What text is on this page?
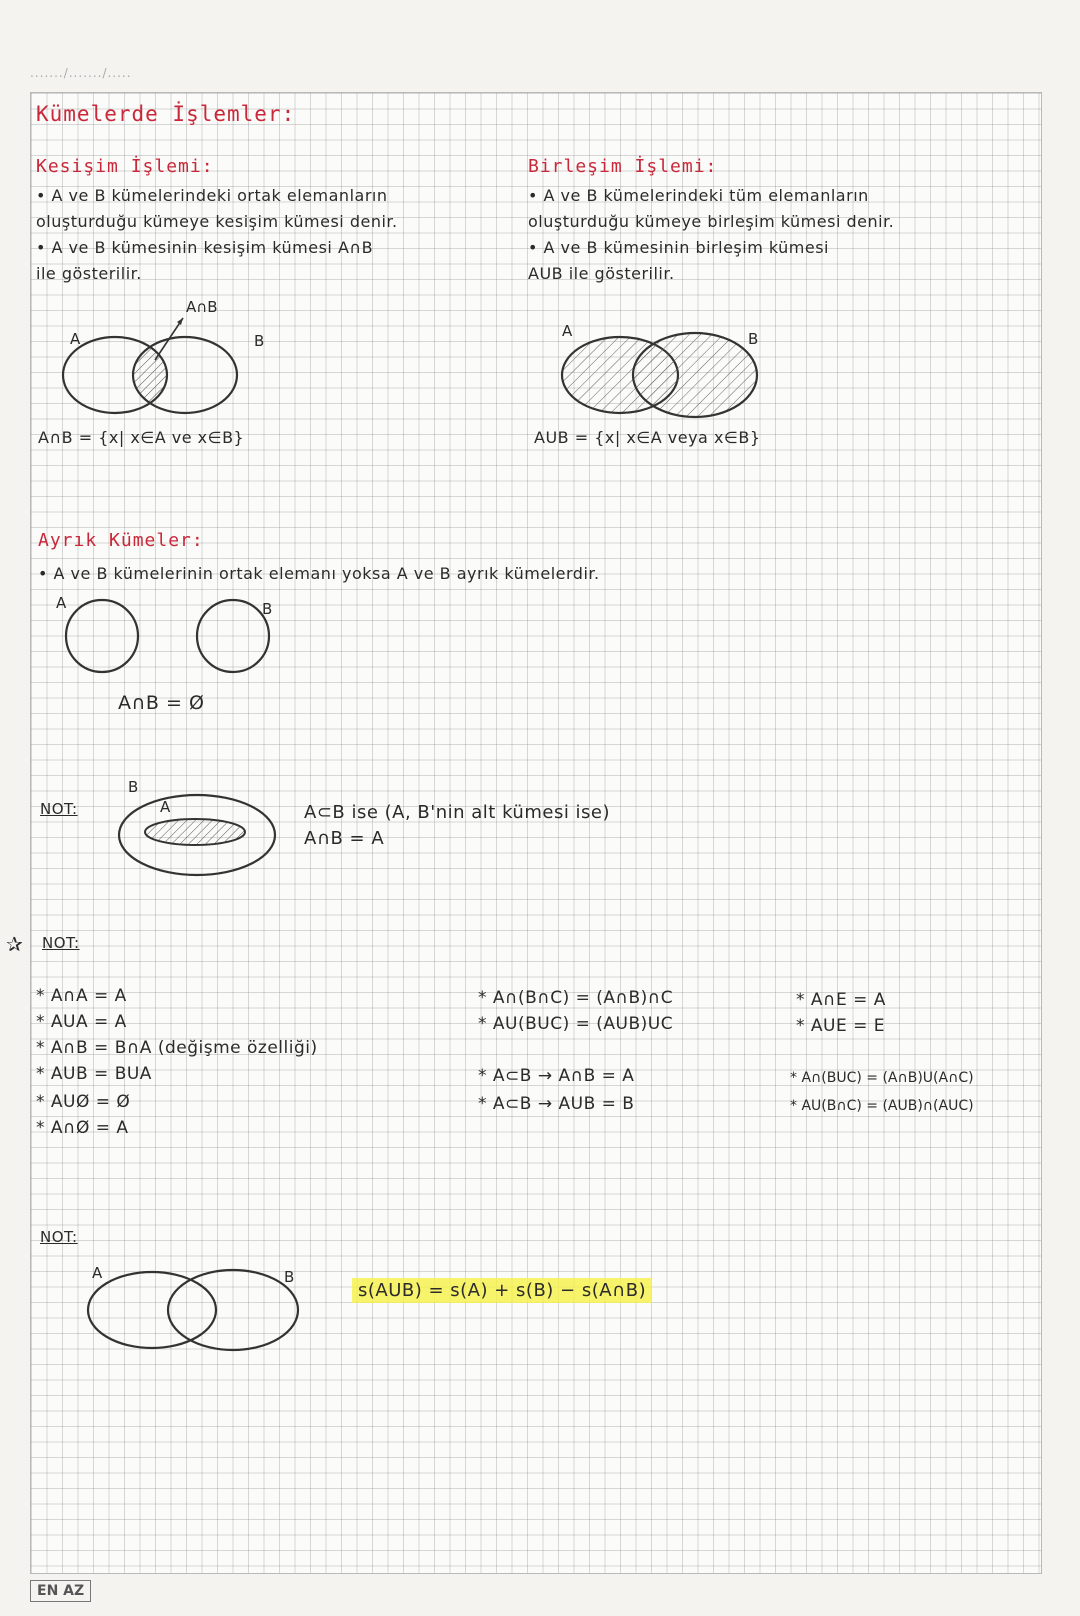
......./......./.....
Kümelerde İşlemler:
Kesişim İşlemi:
• A ve B kümelerindeki ortak elemanların
oluşturduğu kümeye kesişim kümesi denir.
• A ve B kümesinin kesişim kümesi A∩B
ile gösterilir.
A∩B
A	B
A∩B = {x| x∈A ve x∈B}
Birleşim İşlemi:
• A ve B kümelerindeki tüm elemanların
oluşturduğu kümeye birleşim kümesi denir.
• A ve B kümesinin birleşim kümesi
AUB ile gösterilir.
A	B
AUB = {x| x∈A veya x∈B}
Ayrık Kümeler:
• A ve B kümelerinin ortak elemanı yoksa A ve B ayrık kümelerdir.
A	B
A∩B = Ø
NOT:
B
A	A⊂B ise (A, B'nin alt kümesi ise)
A∩B = A
✰ NOT:
* A∩A = A
* AUA = A
* A∩B = B∩A (değişme özelliği)
* AUB = BUA
* AUØ = Ø
* A∩Ø = A
* A∩(B∩C) = (A∩B)∩C
* AU(BUC) = (AUB)UC
* A⊂B → A∩B = A
* A⊂B → AUB = B
* A∩E = A
* AUE = E
* A∩(BUC) = (A∩B)U(A∩C)
* AU(B∩C) = (AUB)∩(AUC)
NOT:
A	B
s(AUB) = s(A) + s(B) − s(A∩B)
EN AZ
